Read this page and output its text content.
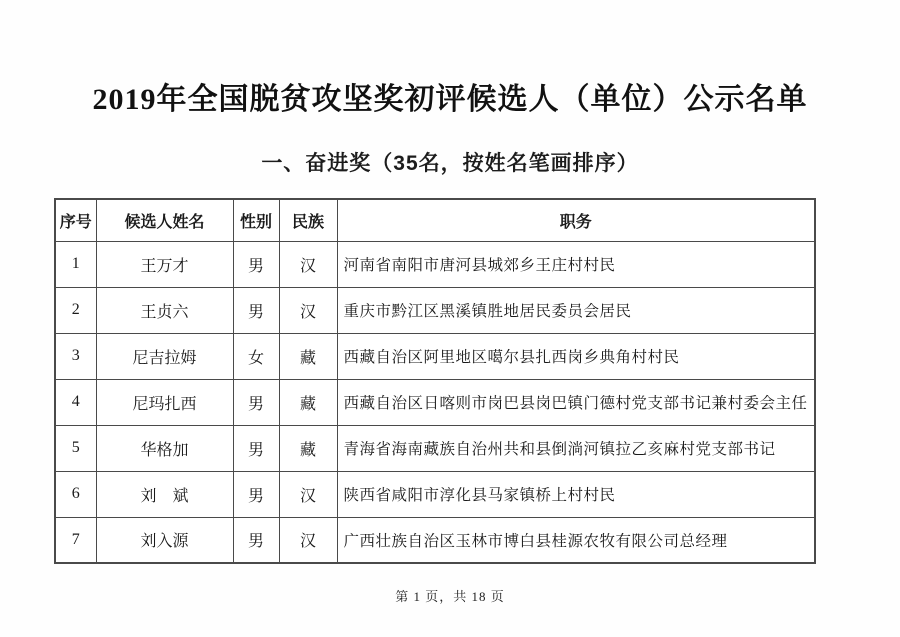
2019年全国脱贫攻坚奖初评候选人（单位）公示名单
一、奋进奖（35名，按姓名笔画排序）
序号	候选人姓名	性别	民族	职务
1	王万才	男	汉	河南省南阳市唐河县城郊乡王庄村村民
2	王贞六	男	汉	重庆市黔江区黑溪镇胜地居民委员会居民
3	尼吉拉姆	女	藏	西藏自治区阿里地区噶尔县扎西岗乡典角村村民
4	尼玛扎西	男	藏	西藏自治区日喀则市岗巴县岗巴镇门德村党支部书记兼村委会主任
5	华格加	男	藏	青海省海南藏族自治州共和县倒淌河镇拉乙亥麻村党支部书记
6	刘　斌	男	汉	陕西省咸阳市淳化县马家镇桥上村村民
7	刘入源	男	汉	广西壮族自治区玉林市博白县桂源农牧有限公司总经理
第 1 页，共 18 页
